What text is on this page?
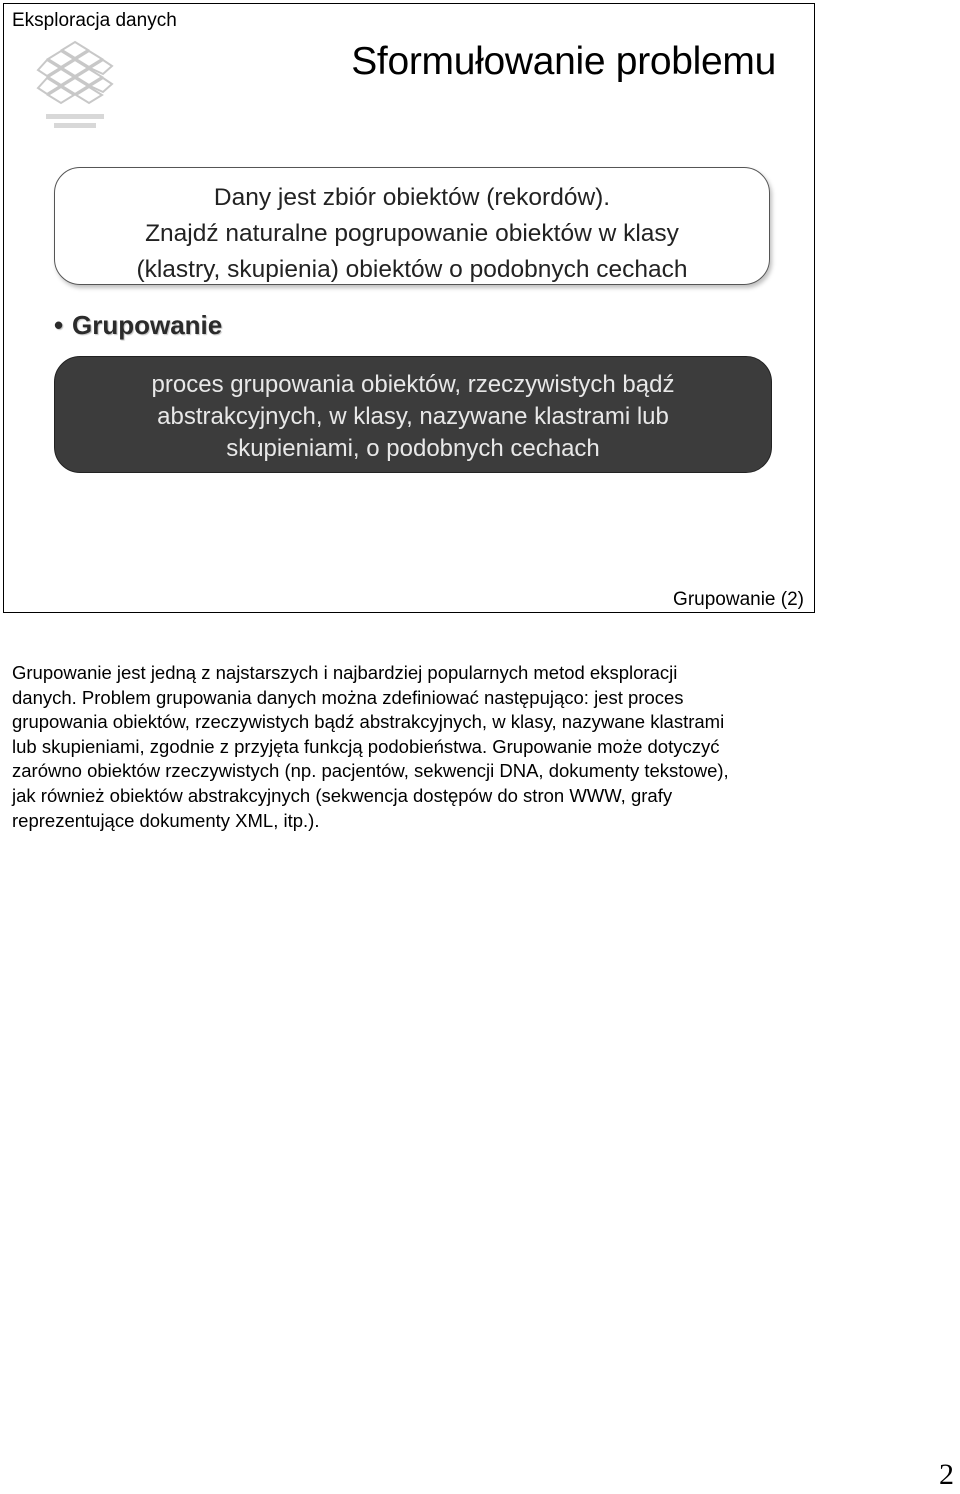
Eksploracja danych
Sformułowanie problemu
Dany jest zbiór obiektów (rekordów).
Znajdź naturalne pogrupowanie obiektów w klasy
(klastry, skupienia) obiektów o podobnych cechach
• Grupowanie
proces grupowania obiektów, rzeczywistych bądź
abstrakcyjnych, w klasy, nazywane klastrami lub
skupieniami, o podobnych cechach
Grupowanie (2)
Grupowanie jest jedną z najstarszych i najbardziej popularnych metod eksploracji
danych. Problem grupowania danych można zdefiniować następująco: jest proces
grupowania obiektów, rzeczywistych bądź abstrakcyjnych, w klasy, nazywane klastrami
lub skupieniami, zgodnie z przyjęta funkcją podobieństwa. Grupowanie może dotyczyć
zarówno obiektów rzeczywistych (np. pacjentów, sekwencji DNA, dokumenty tekstowe),
jak również obiektów abstrakcyjnych (sekwencja dostępów do stron WWW, grafy
reprezentujące dokumenty XML, itp.).
2
